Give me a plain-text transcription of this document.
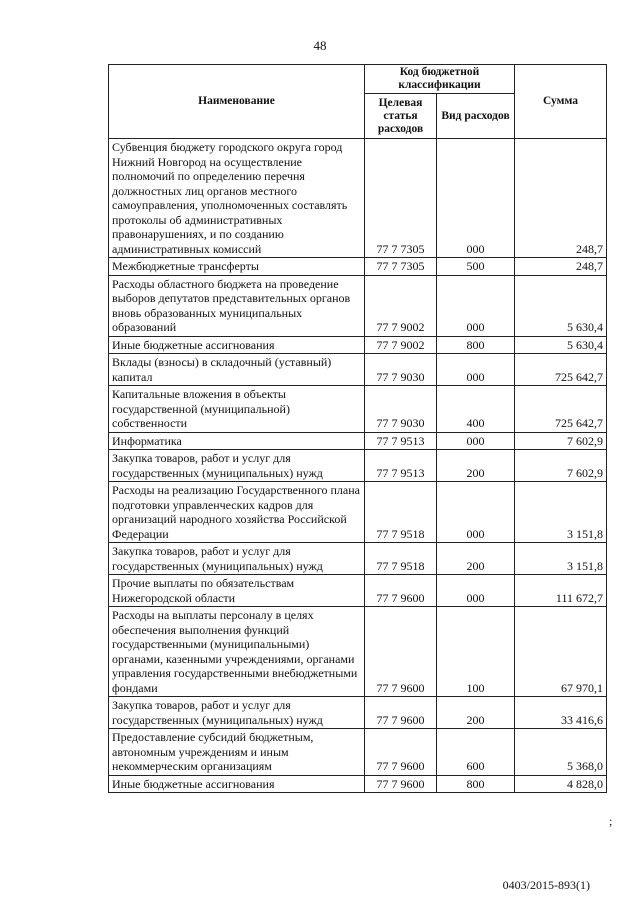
48
Наименование	Код бюджетной классификации		Сумма
	Целевая статья расходов	Вид расходов	
Субвенция бюджету городского округа город Нижний Новгород на осуществление полномочий по определению перечня должностных лиц органов местного самоуправления, уполномоченных составлять протоколы об административных правонарушениях, и по созданию административных комиссий	77 7 7305	000	248,7
Межбюджетные трансферты	77 7 7305	500	248,7
Расходы областного бюджета на проведение выборов депутатов представительных органов вновь образованных муниципальных образований	77 7 9002	000	5 630,4
Иные бюджетные ассигнования	77 7 9002	800	5 630,4
Вклады (взносы) в складочный (уставный) капитал	77 7 9030	000	725 642,7
Капитальные вложения в объекты государственной (муниципальной) собственности	77 7 9030	400	725 642,7
Информатика	77 7 9513	000	7 602,9
Закупка товаров, работ и услуг для государственных (муниципальных) нужд	77 7 9513	200	7 602,9
Расходы на реализацию Государственного плана подготовки управленческих кадров для организаций народного хозяйства Российской Федерации	77 7 9518	000	3 151,8
Закупка товаров, работ и услуг для государственных (муниципальных) нужд	77 7 9518	200	3 151,8
Прочие выплаты по обязательствам Нижегородской области	77 7 9600	000	111 672,7
Расходы на выплаты персоналу в целях обеспечения выполнения функций государственными (муниципальными) органами, казенными учреждениями, органами управления государственными внебюджетными фондами	77 7 9600	100	67 970,1
Закупка товаров, работ и услуг для государственных (муниципальных) нужд	77 7 9600	200	33 416,6
Предоставление субсидий бюджетным, автономным учреждениям и иным некоммерческим организациям	77 7 9600	600	5 368,0
Иные бюджетные ассигнования	77 7 9600	800	4 828,0
;
0403/2015-893(1)
